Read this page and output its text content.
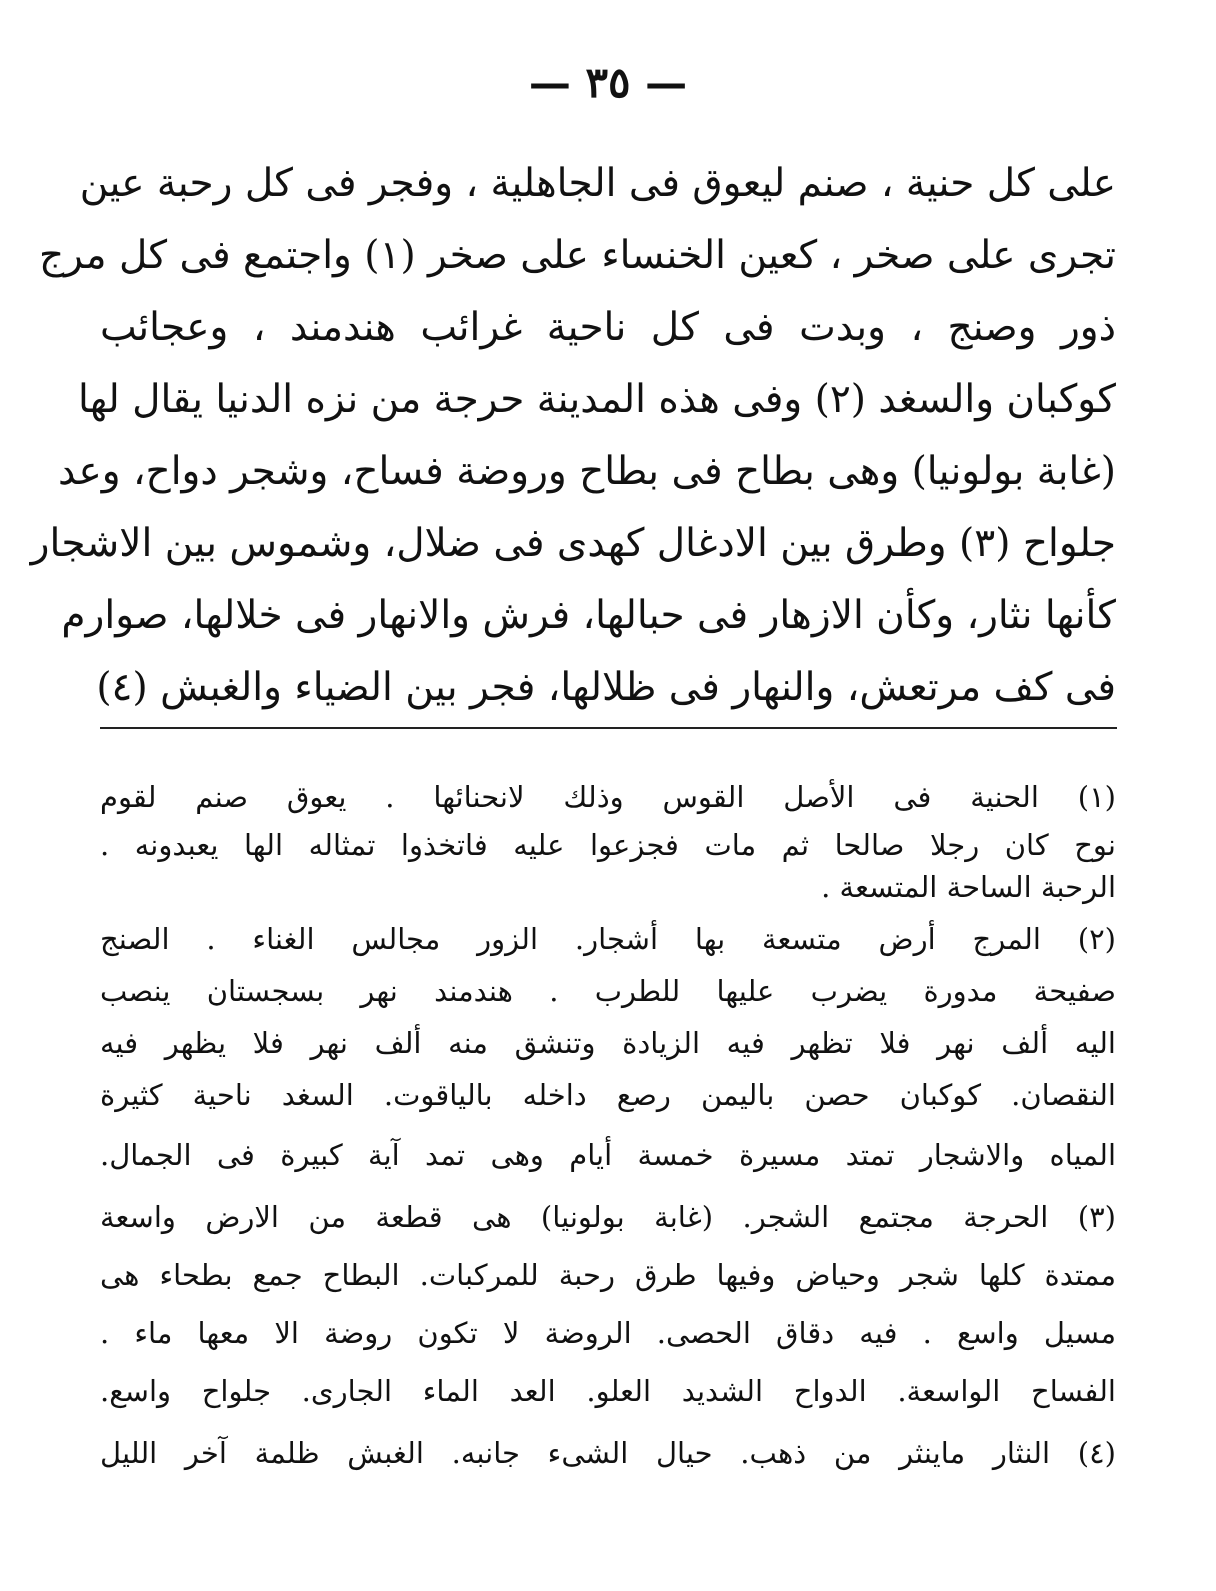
— ٣٥ —
على كل حنية ، صنم ليعوق فى الجاهلية ، وفجر فى كل رحبة عين
تجرى على صخر ، كعين الخنساء على صخر (١) واجتمع فى كل مرج
ذور وصنج ، وبدت فى كل ناحية غرائب هندمند ، وعجائب
كوكبان والسغد (٢) وفى هذه المدينة حرجة من نزه الدنيا يقال لها
(غابة بولونيا) وهى بطاح فى بطاح وروضة فساح، وشجر دواح، وعد
جلواح (٣) وطرق بين الادغال كهدى فى ضلال، وشموس بين الاشجار
كأنها نثار، وكأن الازهار فى حبالها، فرش والانهار فى خلالها، صوارم
فى كف مرتعش، والنهار فى ظلالها، فجر بين الضياء والغبش (٤)
(١) الحنية فى الأصل القوس وذلك لانحنائها . يعوق صنم لقوم
نوح كان رجلا صالحا ثم مات فجزعوا عليه فاتخذوا تمثاله الها يعبدونه .
الرحبة الساحة المتسعة .
(٢) المرج أرض متسعة بها أشجار. الزور مجالس الغناء . الصنج
صفيحة مدورة يضرب عليها للطرب . هندمند نهر بسجستان ينصب
اليه ألف نهر فلا تظهر فيه الزيادة وتنشق منه ألف نهر فلا يظهر فيه
النقصان. كوكبان حصن باليمن رصع داخله بالياقوت. السغد ناحية كثيرة
المياه والاشجار تمتد مسيرة خمسة أيام وهى تمد آية كبيرة فى الجمال.
(٣) الحرجة مجتمع الشجر. (غابة بولونيا) هى قطعة من الارض واسعة
ممتدة كلها شجر وحياض وفيها طرق رحبة للمركبات. البطاح جمع بطحاء هى
مسيل واسع . فيه دقاق الحصى. الروضة لا تكون روضة الا معها ماء .
الفساح الواسعة. الدواح الشديد العلو. العد الماء الجارى. جلواح واسع.
(٤) النثار ماينثر من ذهب. حيال الشىء جانبه. الغبش ظلمة آخر الليل
